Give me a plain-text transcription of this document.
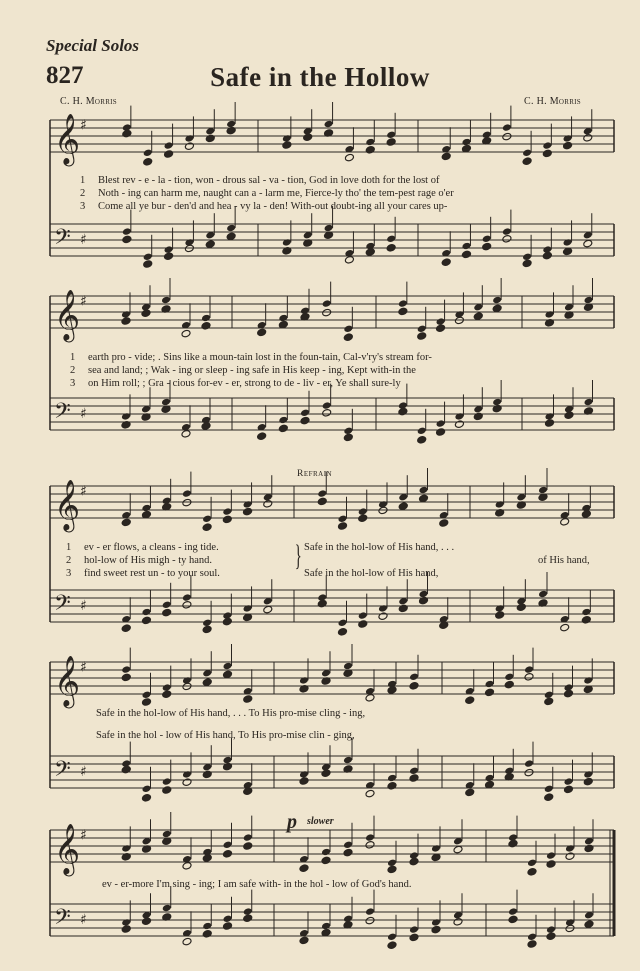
Special Solos
827	Safe in the Hollow
C. H. Morris	C. H. Morris
𝄞 ♯
𝄢 ♯
𝄞 ♯
𝄢 ♯
𝄞 ♯
𝄢 ♯
𝄞 ♯
𝄢 ♯
𝄞 ♯
𝄢 ♯
1 Blest rev - e - la - tion, won - drous sal - va - tion, God in love doth for the lost of
2 Noth - ing can harm me, naught can a - larm me, Fierce-ly tho' the tem-pest rage o'er
3 Come all ye bur - den'd and hea - vy la - den! With-out doubt-ing all your cares up-
1 earth pro - vide; . Sins like a moun-tain lost in the foun-tain, Cal-v'ry's stream for-
2 sea and land; ; Wak - ing or sleep - ing safe in His keep - ing, Kept with-in the
3 on Him roll; ; Gra - cious for-ev - er, strong to de - liv - er, Ye shall sure-ly
1 ev - er flows, a cleans - ing tide.
2 hol-low of His migh - ty hand.
3 find sweet rest un - to your soul.
} Safe in the hol-low of His hand, . . .
of His hand,
Safe in the hol-low of His hand,
Refrain
Safe in the hol-low of His hand, . . . To His pro-mise cling - ing,
Safe in the hol - low of His hand, To His pro-mise clin - ging,
ev - er-more I'm sing - ing; I am safe with- in the hol - low of God's hand.
p slower
